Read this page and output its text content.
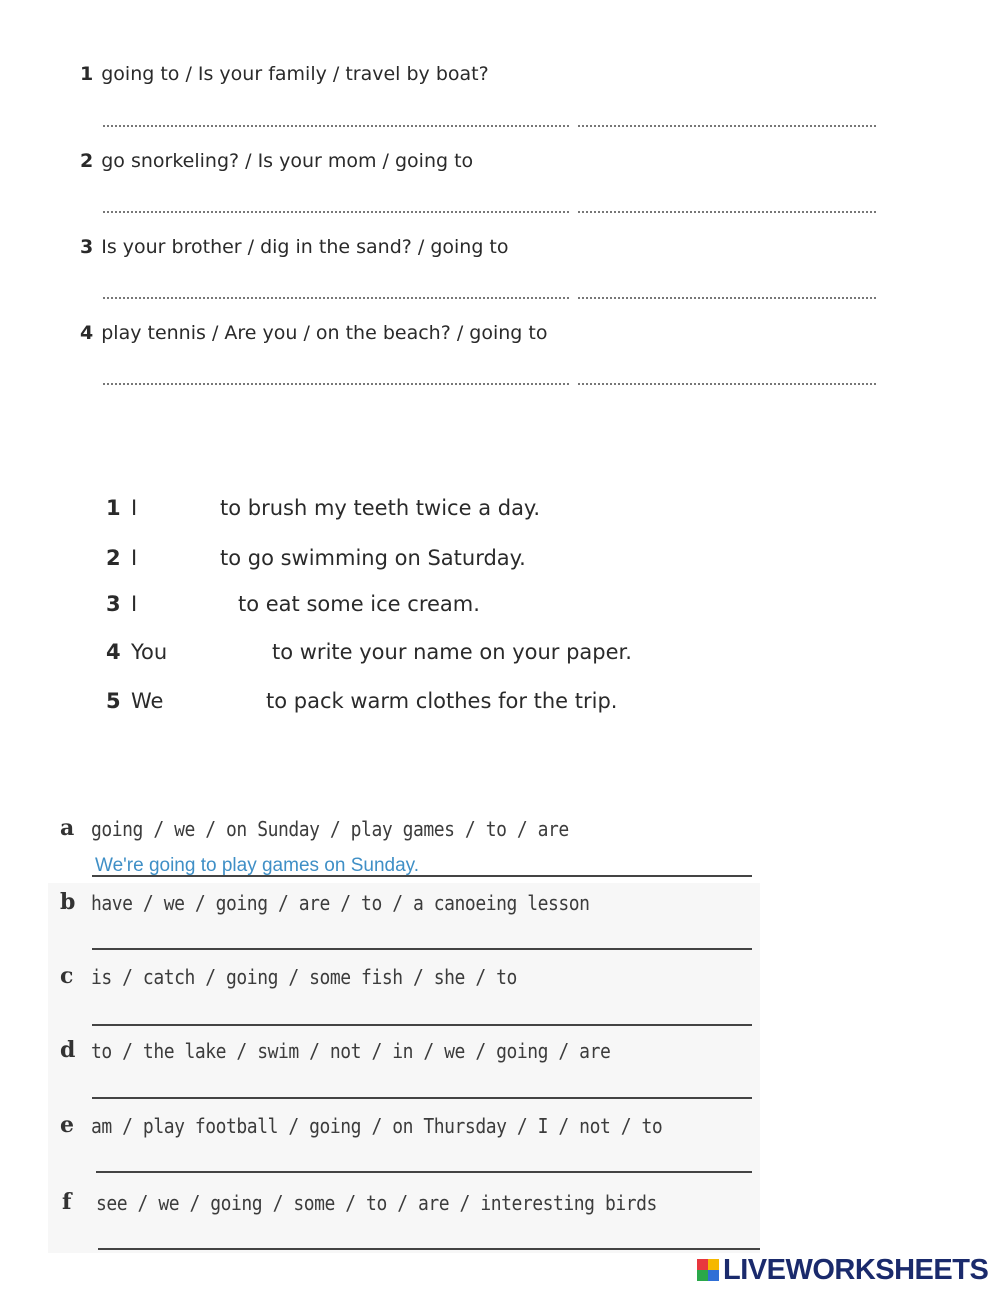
1 going to / Is your family / travel by boat?
2 go snorkeling? / Is your mom / going to
3 Is your brother / dig in the sand? / going to
4 play tennis / Are you / on the beach? / going to
1 I	to brush my teeth twice a day.
2 I	to go swimming on Saturday.
3 I	to eat some ice cream.
4 You	to write your name on your paper.
5 We	to pack warm clothes for the trip.
a going / we / on Sunday / play games / to / are
We're going to play games on Sunday.
b have / we / going / are / to / a canoeing lesson
c is / catch / going / some fish / she / to
d to / the lake / swim / not / in / we / going / are
e am / play football / going / on Thursday / I / not / to
f see / we / going / some / to / are / interesting birds
LIVEWORKSHEETS
